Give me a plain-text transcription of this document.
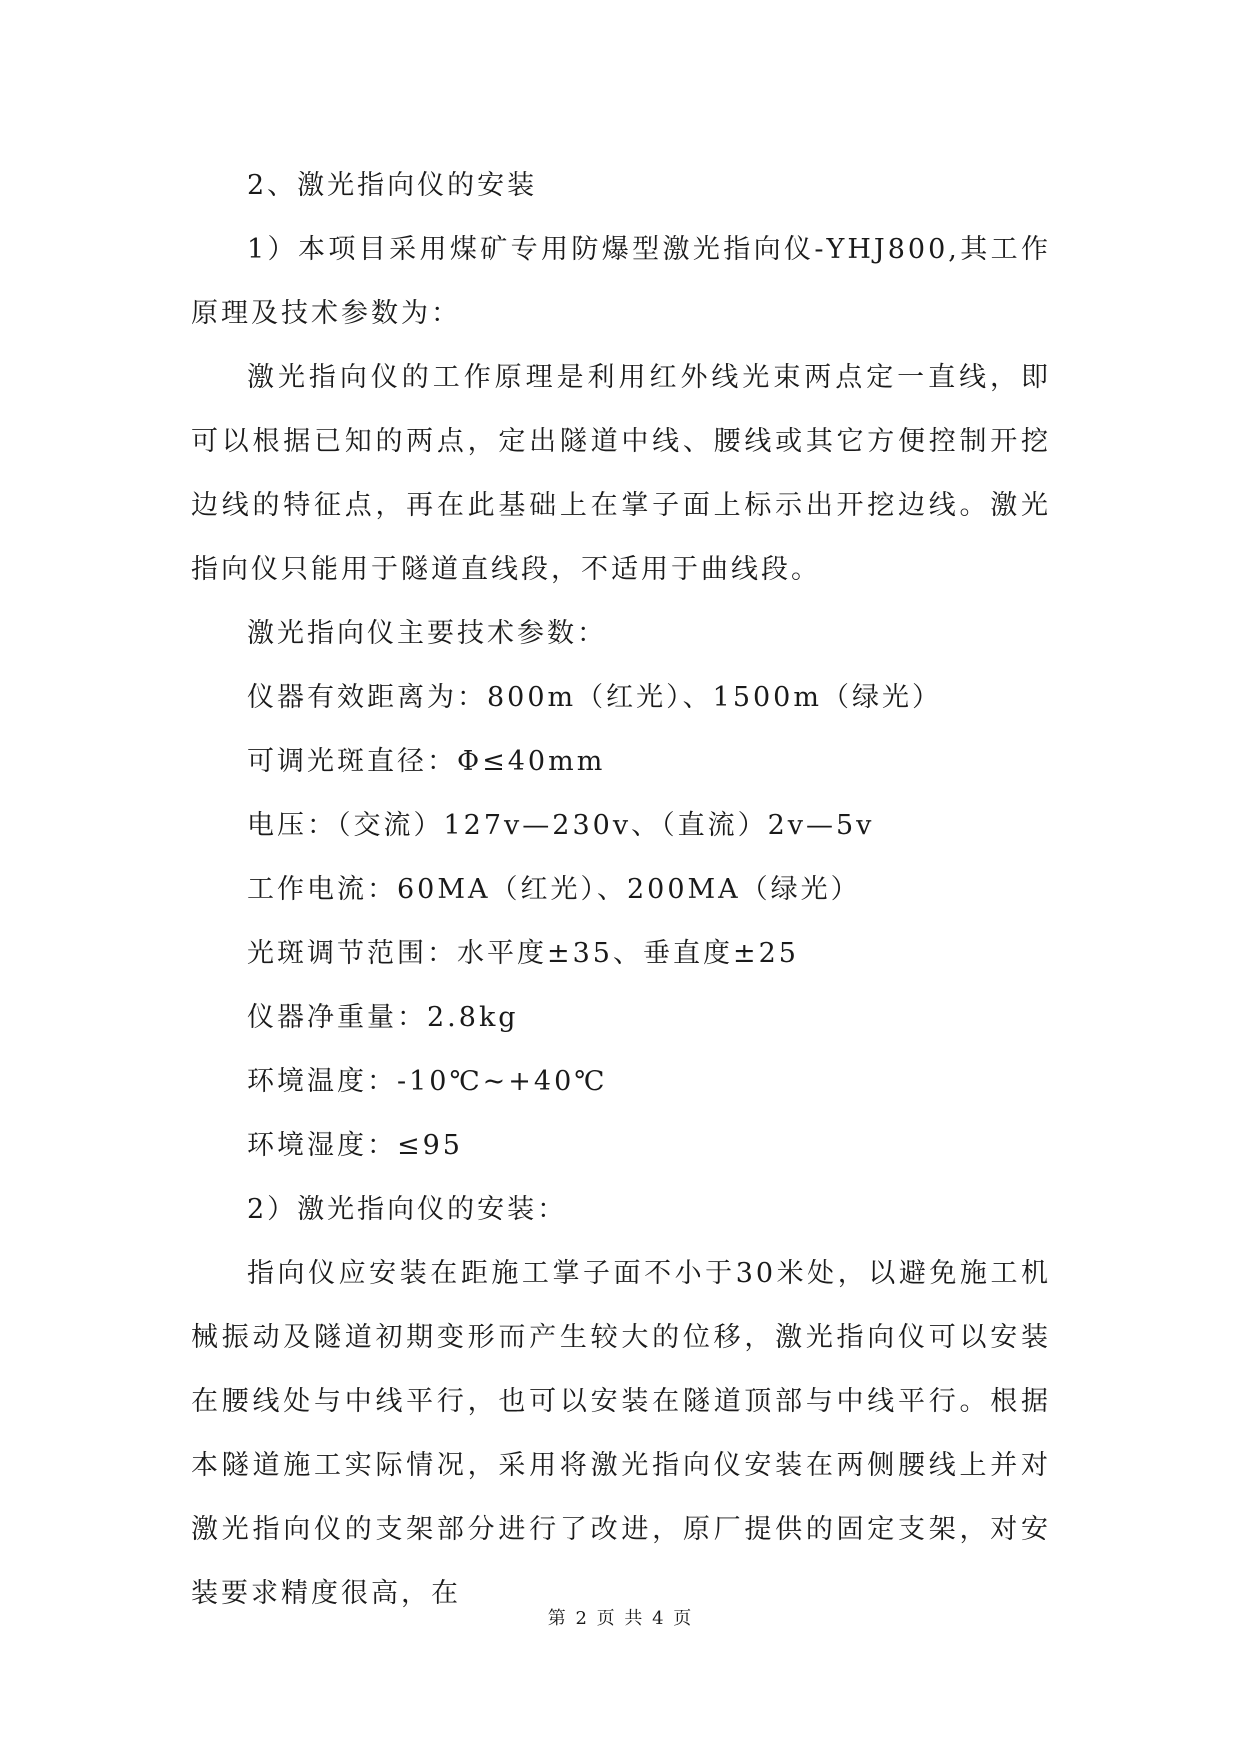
2、激光指向仪的安装

1）本项目采用煤矿专用防爆型激光指向仪-YHJ800,其工作原理及技术参数为：

激光指向仪的工作原理是利用红外线光束两点定一直线，即可以根据已知的两点，定出隧道中线、腰线或其它方便控制开挖边线的特征点，再在此基础上在掌子面上标示出开挖边线。激光指向仪只能用于隧道直线段，不适用于曲线段。

激光指向仪主要技术参数：

仪器有效距离为：800m（红光）、1500m（绿光）

可调光斑直径：Φ≤40mm

电压：（交流）127v—230v、（直流）2v—5v

工作电流：60MA（红光）、200MA（绿光）

光斑调节范围：水平度±35、垂直度±25

仪器净重量：2.8kg

环境温度：-10℃~+40℃

环境湿度：≤95

2）激光指向仪的安装：

指向仪应安装在距施工掌子面不小于30米处，以避免施工机械振动及隧道初期变形而产生较大的位移，激光指向仪可以安装在腰线处与中线平行，也可以安装在隧道顶部与中线平行。根据本隧道施工实际情况，采用将激光指向仪安装在两侧腰线上并对激光指向仪的支架部分进行了改进，原厂提供的固定支架，对安装要求精度很高，在

第 2 页 共 4 页
